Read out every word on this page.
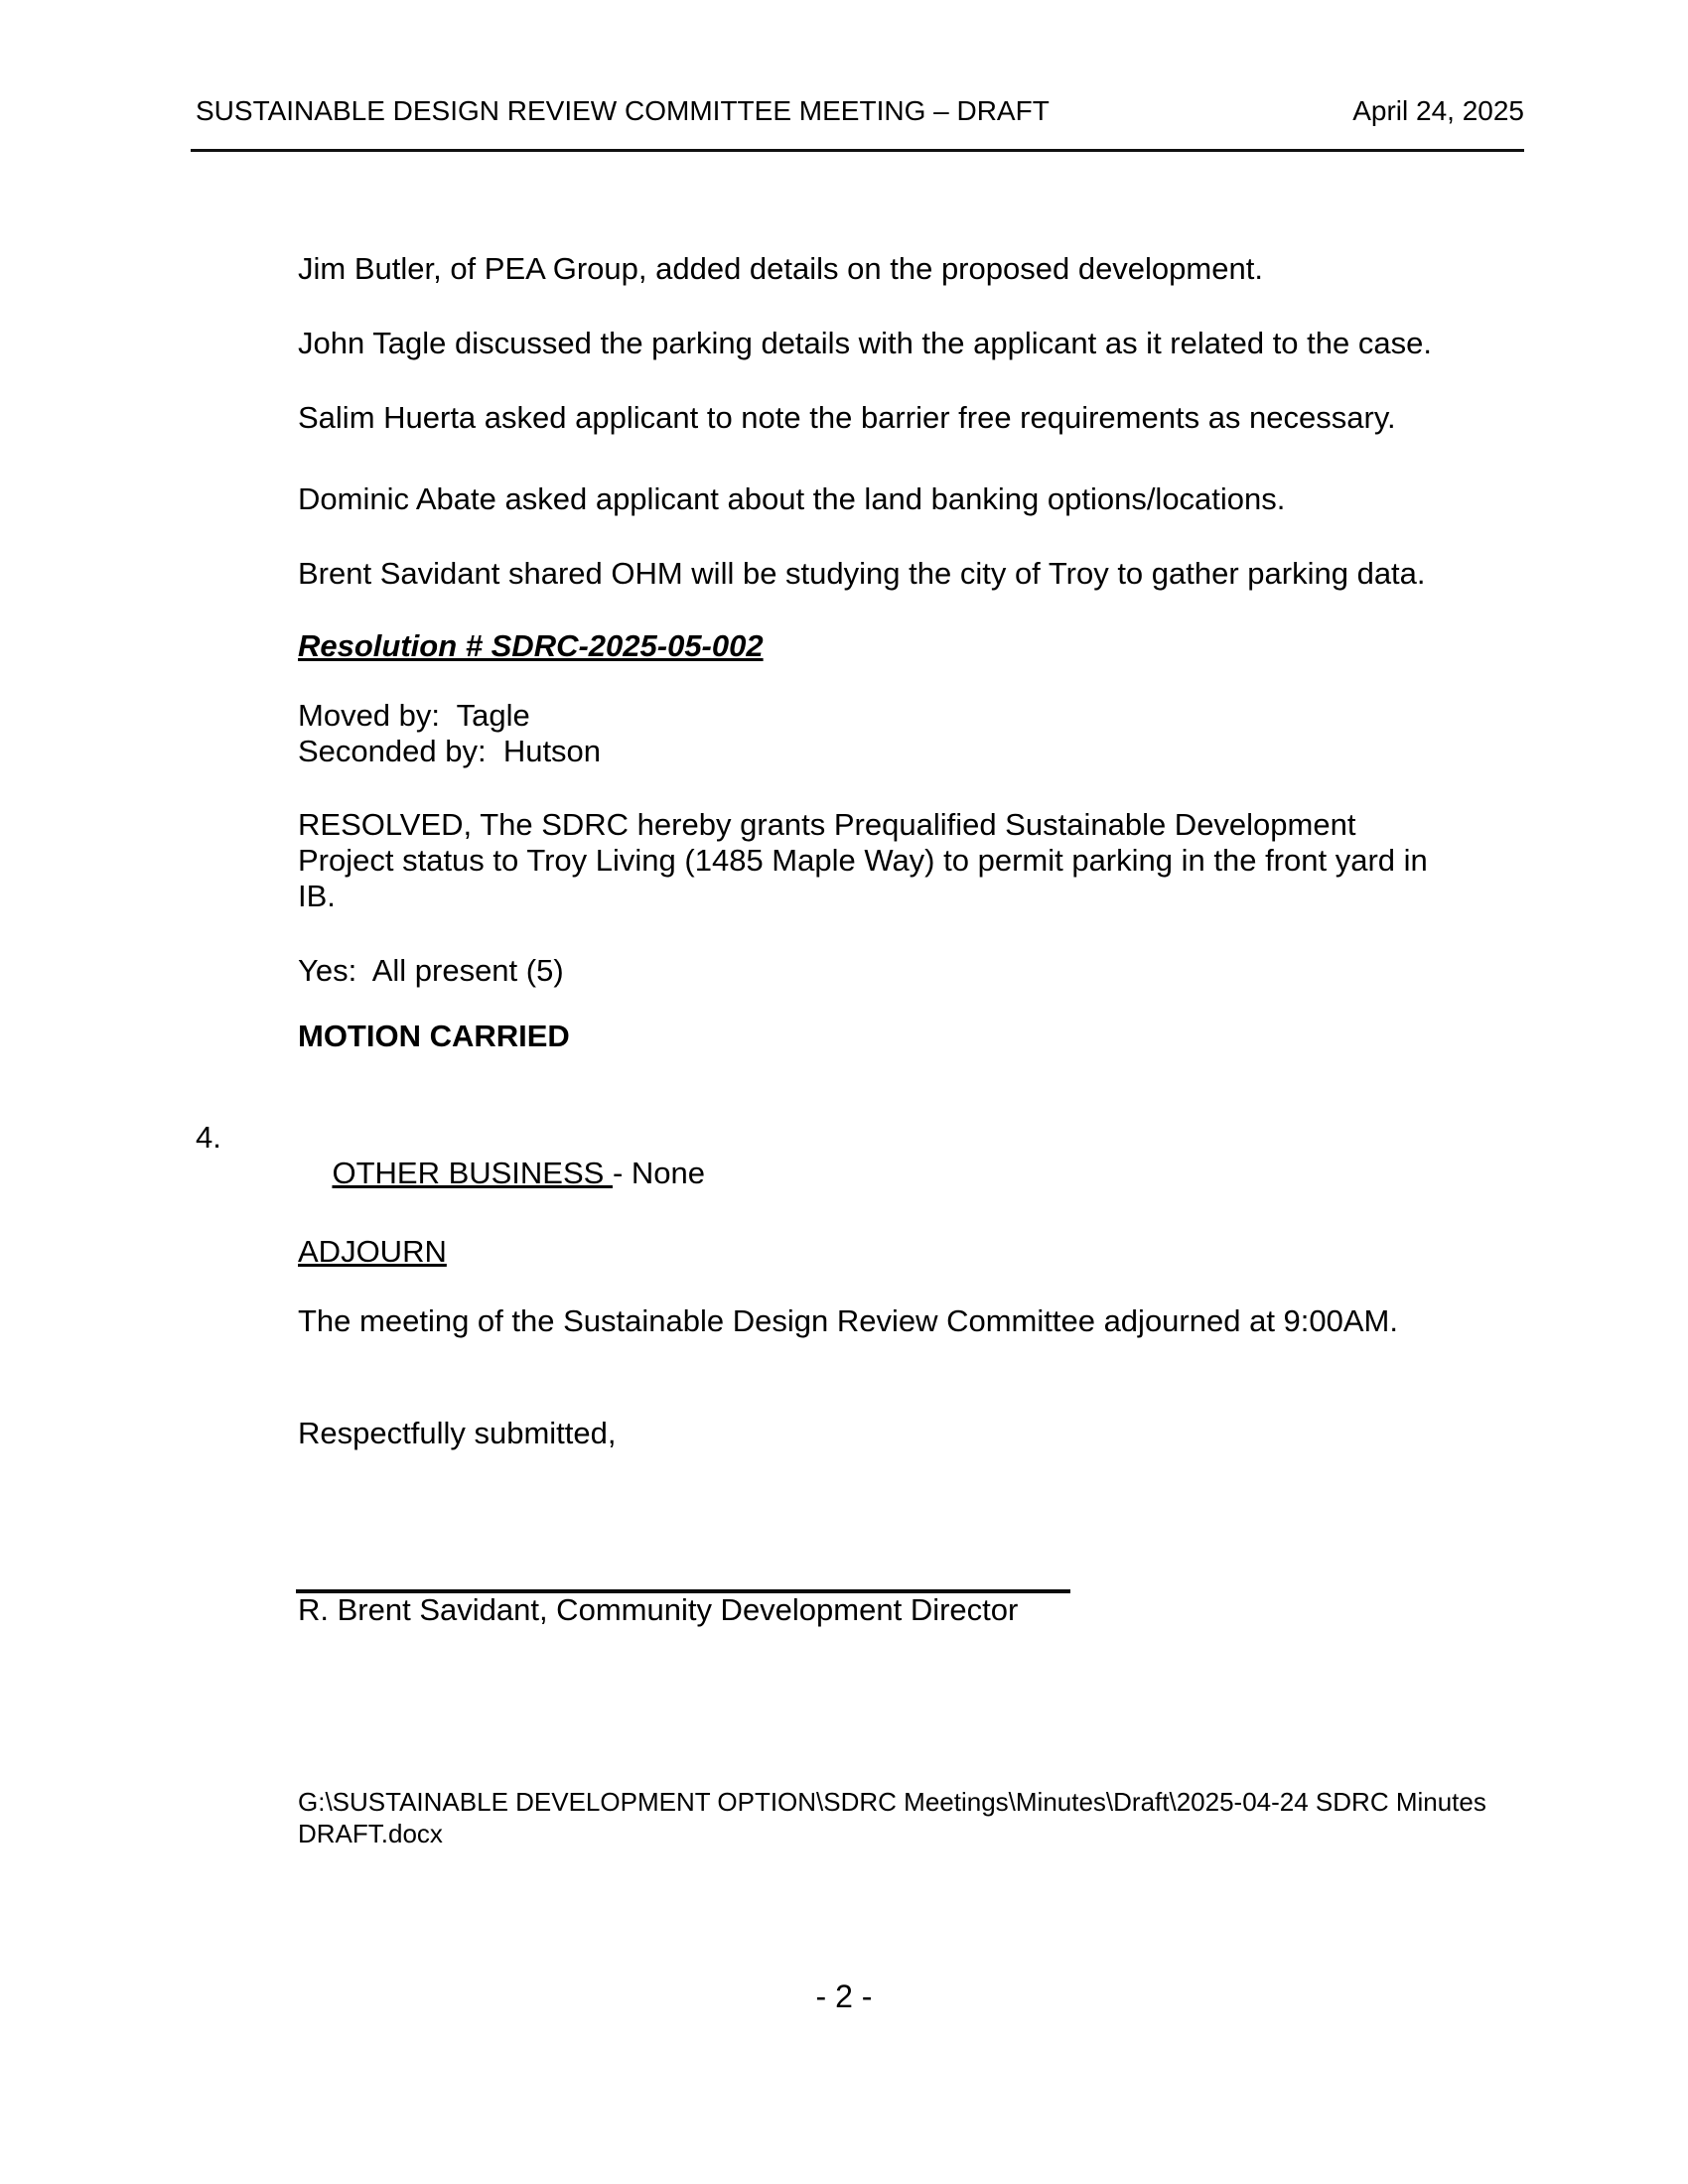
SUSTAINABLE DESIGN REVIEW COMMITTEE MEETING – DRAFT	April 24, 2025
Jim Butler, of PEA Group, added details on the proposed development.
John Tagle discussed the parking details with the applicant as it related to the case.
Salim Huerta asked applicant to note the barrier free requirements as necessary.
Dominic Abate asked applicant about the land banking options/locations.
Brent Savidant shared OHM will be studying the city of Troy to gather parking data.
Resolution # SDRC-2025-05-002
Moved by:  Tagle
Seconded by:  Hutson
RESOLVED, The SDRC hereby grants Prequalified Sustainable Development
Project status to Troy Living (1485 Maple Way) to permit parking in the front yard in
IB.
Yes:  All present (5)
MOTION CARRIED
4.

OTHER BUSINESS - None

ADJOURN
The meeting of the Sustainable Design Review Committee adjourned at 9:00AM.
Respectfully submitted,
R. Brent Savidant, Community Development Director
G:\SUSTAINABLE DEVELOPMENT OPTION\SDRC Meetings\Minutes\Draft\2025-04-24 SDRC Minutes
DRAFT.docx
- 2 -
